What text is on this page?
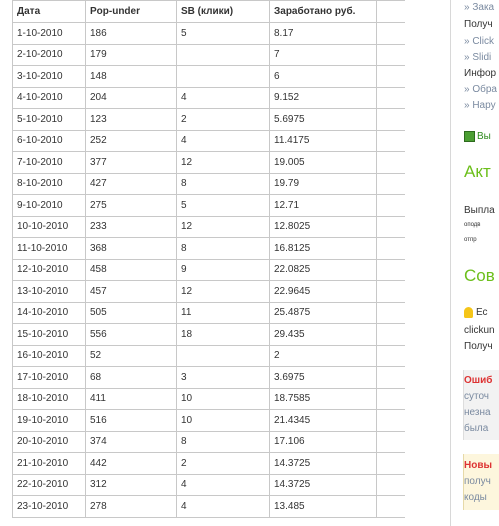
Дата	Pop-under	SB (клики)	Заработано руб.	
1-10-2010	186	5	8.17	
2-10-2010	179		7	
3-10-2010	148		6	
4-10-2010	204	4	9.152	
5-10-2010	123	2	5.6975	
6-10-2010	252	4	11.4175	
7-10-2010	377	12	19.005	
8-10-2010	427	8	19.79	
9-10-2010	275	5	12.71	
10-10-2010	233	12	12.8025	
11-10-2010	368	8	16.8125	
12-10-2010	458	9	22.0825	
13-10-2010	457	12	22.9645	
14-10-2010	505	11	25.4875	
15-10-2010	556	18	29.435	
16-10-2010	52		2	
17-10-2010	68	3	3.6975	
18-10-2010	411	10	18.7585	
19-10-2010	516	10	21.4345	
20-10-2010	374	8	17.106	
21-10-2010	442	2	14.3725	
22-10-2010	312	4	14.3725	
23-10-2010	278	4	13.485	
» Зака
Получ
» Click
» Slidi
Инфор
» Обра
» Нару
Вы
Акт
Выпла
оподв
отпр
Сов
Ес
clickun
Получ
Ошиб
суточ
незна
была
Новы
получ
коды
